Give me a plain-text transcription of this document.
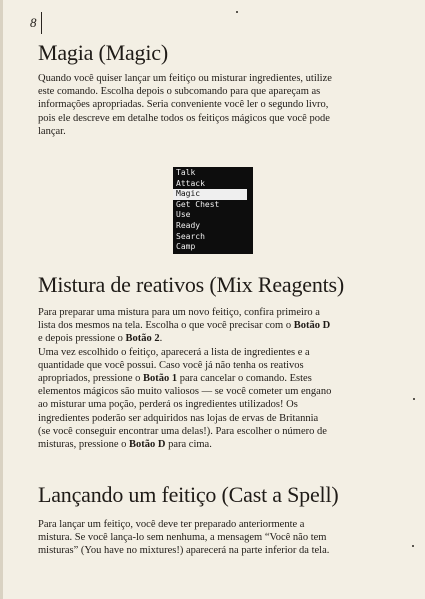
8
Magia (Magic)
Quando você quiser lançar um feitiço ou misturar ingredientes, utilize
este comando. Escolha depois o subcomando para que apareçam as
informações apropriadas. Seria conveniente você ler o segundo livro,
pois ele descreve em detalhe todos os feitiços mágicos que você pode
lançar.
Talk
Attack
Magic
Get Chest
Use
Ready
Search
Camp
Mistura de reativos (Mix Reagents)
Para preparar uma mistura para um novo feitiço, confira primeiro a
lista dos mesmos na tela. Escolha o que você precisar com o Botão D
e depois pressione o Botão 2.
Uma vez escolhido o feitiço, aparecerá a lista de ingredientes e a
quantidade que você possui. Caso você já não tenha os reativos
apropriados, pressione o Botão 1 para cancelar o comando. Estes
elementos mágicos são muito valiosos — se você cometer um engano
ao misturar uma poção, perderá os ingredientes utilizados! Os
ingredientes poderão ser adquiridos nas lojas de ervas de Britannia
(se você conseguir encontrar uma delas!). Para escolher o número de
misturas, pressione o Botão D para cima.
Lançando um feitiço (Cast a Spell)
Para lançar um feitiço, você deve ter preparado anteriormente a
mistura. Se você lança-lo sem nenhuma, a mensagem “Você não tem
misturas” (You have no mixtures!) aparecerá na parte inferior da tela.
